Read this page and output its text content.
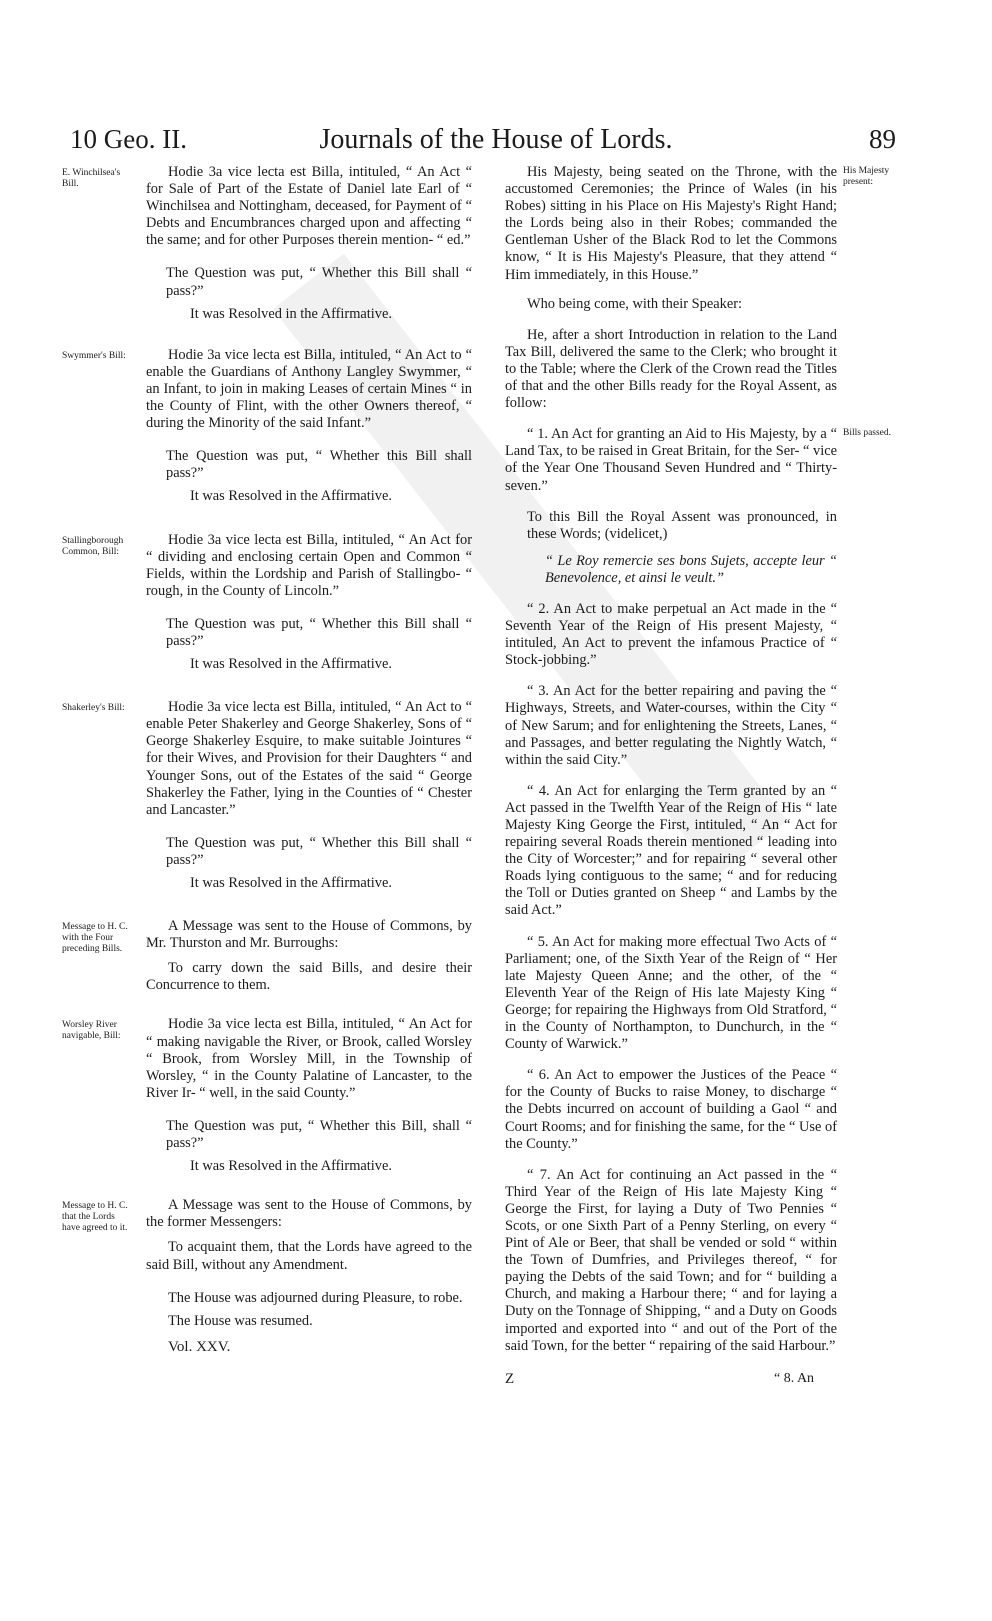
10 Geo. II.	Journals of the House of Lords.	89
E. Winchilsea's Bill.

Hodie 3a vice lecta est Billa, intituled, “ An Act “ for Sale of Part of the Estate of Daniel late Earl of “ Winchilsea and Nottingham, deceased, for Payment of “ Debts and Encumbrances charged upon and affecting “ the same; and for other Purposes therein mention- “ ed.”

The Question was put, “ Whether this Bill shall “ pass?”

It was Resolved in the Affirmative.

Swymmer's Bill:	Hodie 3a vice lecta est Billa, intituled, “ An Act to “ enable the Guardians of Anthony Langley Swymmer, “ an Infant, to join in making Leases of certain Mines “ in the County of Flint, with the other Owners thereof, “ during the Minority of the said Infant.”

The Question was put, “ Whether this Bill shall pass?”

It was Resolved in the Affirmative.

Stallingborough Common, Bill:

Hodie 3a vice lecta est Billa, intituled, “ An Act for “ dividing and enclosing certain Open and Common “ Fields, within the Lordship and Parish of Stallingbo- “ rough, in the County of Lincoln.”

The Question was put, “ Whether this Bill shall “ pass?”

It was Resolved in the Affirmative.

Shakerley's Bill:	Hodie 3a vice lecta est Billa, intituled, “ An Act to “ enable Peter Shakerley and George Shakerley, Sons of “ George Shakerley Esquire, to make suitable Jointures “ for their Wives, and Provision for their Daughters “ and Younger Sons, out of the Estates of the said “ George Shakerley the Father, lying in the Counties of “ Chester and Lancaster.”

The Question was put, “ Whether this Bill shall “ pass?”

It was Resolved in the Affirmative.

Message to H. C. with the Four preceding Bills.

A Message was sent to the House of Commons, by Mr. Thurston and Mr. Burroughs:

To carry down the said Bills, and desire their Concurrence to them.

Worsley River navigable, Bill:

Hodie 3a vice lecta est Billa, intituled, “ An Act for “ making navigable the River, or Brook, called Worsley “ Brook, from Worsley Mill, in the Township of Worsley, “ in the County Palatine of Lancaster, to the River Ir- “ well, in the said County.”

The Question was put, “ Whether this Bill, shall “ pass?”

It was Resolved in the Affirmative.

Message to H. C. that the Lords have agreed to it.

A Message was sent to the House of Commons, by the former Messengers:

To acquaint them, that the Lords have agreed to the said Bill, without any Amendment.

The House was adjourned during Pleasure, to robe.

The House was resumed.

Vol. XXV.
His Majesty present:

His Majesty, being seated on the Throne, with the accustomed Ceremonies; the Prince of Wales (in his Robes) sitting in his Place on His Majesty's Right Hand; the Lords being also in their Robes; commanded the Gentleman Usher of the Black Rod to let the Commons know, “ It is His Majesty's Pleasure, that they attend “ Him immediately, in this House.”

Who being come, with their Speaker:

He, after a short Introduction in relation to the Land Tax Bill, delivered the same to the Clerk; who brought it to the Table; where the Clerk of the Crown read the Titles of that and the other Bills ready for the Royal Assent, as follow:

Bills passed.

“ 1. An Act for granting an Aid to His Majesty, by a “ Land Tax, to be raised in Great Britain, for the Ser- “ vice of the Year One Thousand Seven Hundred and “ Thirty-seven.”

To this Bill the Royal Assent was pronounced, in these Words; (videlicet,)

“ Le Roy remercie ses bons Sujets, accepte leur “ Benevolence, et ainsi le veult.”

“ 2. An Act to make perpetual an Act made in the “ Seventh Year of the Reign of His present Majesty, “ intituled, An Act to prevent the infamous Practice of “ Stock-jobbing.”

“ 3. An Act for the better repairing and paving the “ Highways, Streets, and Water-courses, within the City “ of New Sarum; and for enlightening the Streets, Lanes, “ and Passages, and better regulating the Nightly Watch, “ within the said City.”

“ 4. An Act for enlarging the Term granted by an “ Act passed in the Twelfth Year of the Reign of His “ late Majesty King George the First, intituled, “ An “ Act for repairing several Roads therein mentioned “ leading into the City of Worcester;” and for repairing “ several other Roads lying contiguous to the same; “ and for reducing the Toll or Duties granted on Sheep “ and Lambs by the said Act.”

“ 5. An Act for making more effectual Two Acts of “ Parliament; one, of the Sixth Year of the Reign of “ Her late Majesty Queen Anne; and the other, of the “ Eleventh Year of the Reign of His late Majesty King “ George; for repairing the Highways from Old Stratford, “ in the County of Northampton, to Dunchurch, in the “ County of Warwick.”

“ 6. An Act to empower the Justices of the Peace “ for the County of Bucks to raise Money, to discharge “ the Debts incurred on account of building a Gaol “ and Court Rooms; and for finishing the same, for the “ Use of the County.”

“ 7. An Act for continuing an Act passed in the “ Third Year of the Reign of His late Majesty King “ George the First, for laying a Duty of Two Pennies “ Scots, or one Sixth Part of a Penny Sterling, on every “ Pint of Ale or Beer, that shall be vended or sold “ within the Town of Dumfries, and Privileges thereof, “ for paying the Debts of the said Town; and for “ building a Church, and making a Harbour there; “ and for laying a Duty on the Tonnage of Shipping, “ and a Duty on Goods imported and exported into “ and out of the Port of the said Town, for the better “ repairing of the said Harbour.”

Z	“ 8. An
